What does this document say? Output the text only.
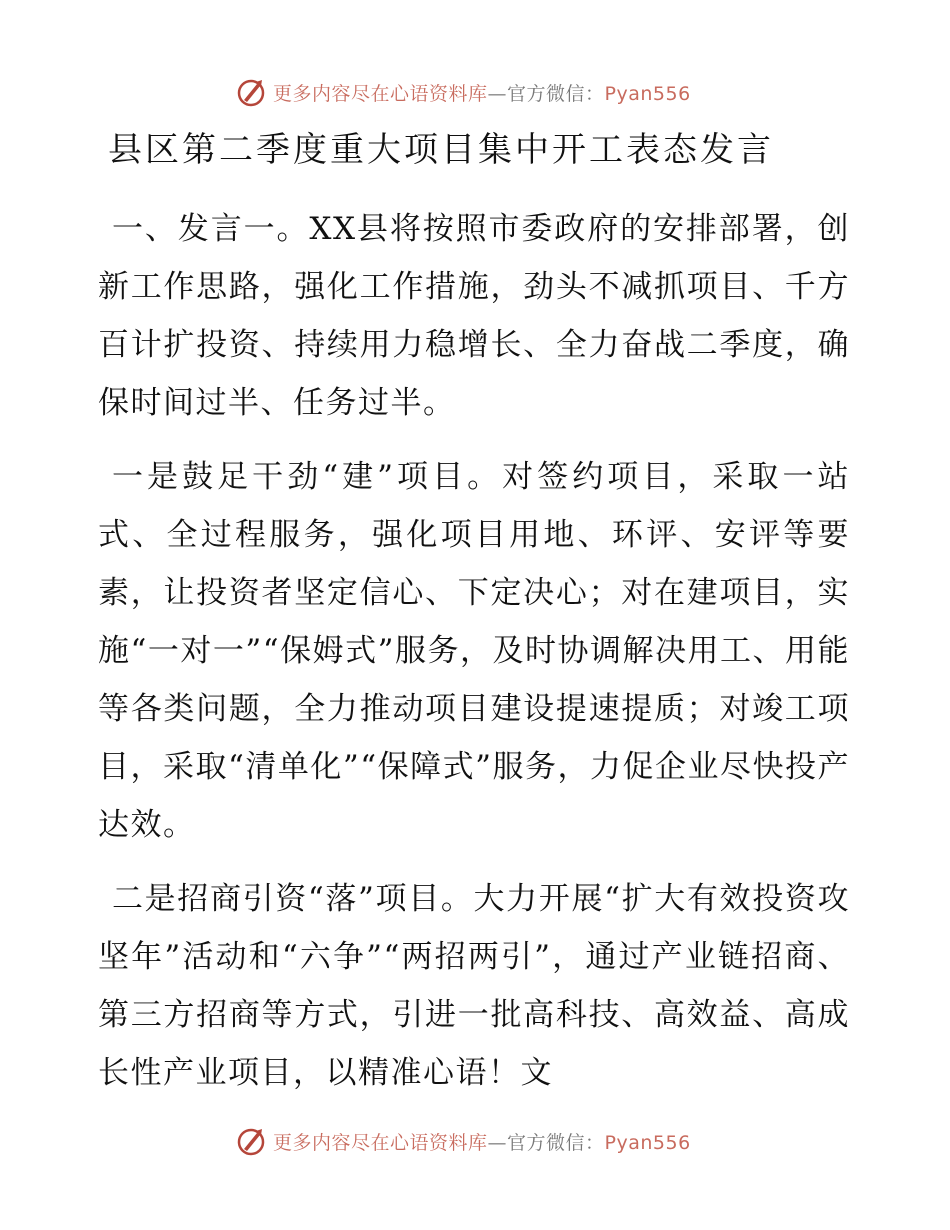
更多内容尽在心语资料库—官方微信：Pyan556
县区第二季度重大项目集中开工表态发言

一、发言一。XX县将按照市委政府的安排部署，创新工作思路，强化工作措施，劲头不减抓项目、千方百计扩投资、持续用力稳增长、全力奋战二季度，确保时间过半、任务过半。

一是鼓足干劲“建”项目。对签约项目，采取一站式、全过程服务，强化项目用地、环评、安评等要素，让投资者坚定信心、下定决心；对在建项目，实施“一对一”“保姆式”服务，及时协调解决用工、用能等各类问题，全力推动项目建设提速提质；对竣工项目，采取“清单化”“保障式”服务，力促企业尽快投产达效。

二是招商引资“落”项目。大力开展“扩大有效投资攻坚年”活动和“六争”“两招两引”，通过产业链招商、第三方招商等方式，引进一批高科技、高效益、高成长性产业项目，以精准心语！文

更多内容尽在心语资料库—官方微信：Pyan556
